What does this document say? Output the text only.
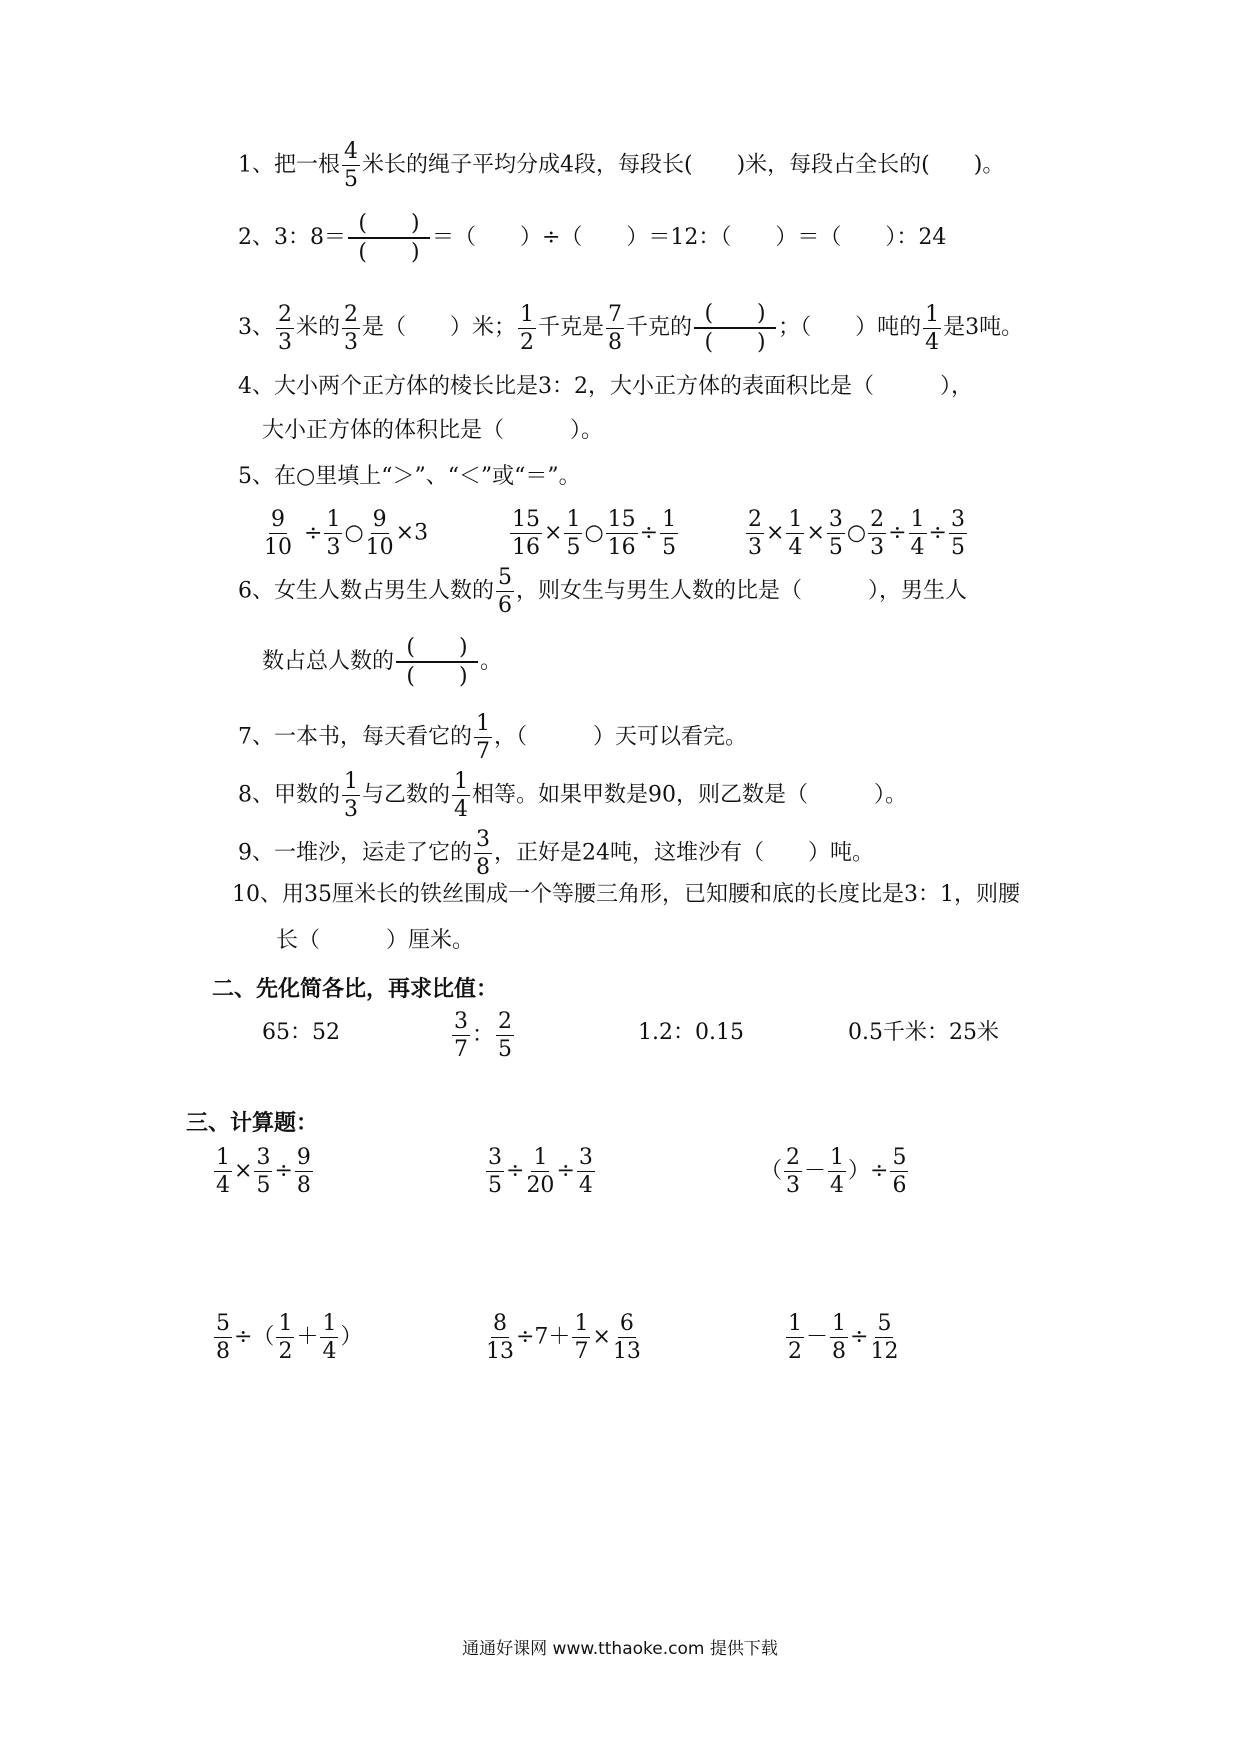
1、把一根 $\frac{4}{5}$ 米长的绳子平均分成4段，每段长(　　)米，每段占全长的(　　)。
2、3：$8= \frac{( )}{( )}$ ＝（　　）÷（　　）＝12：（　　）＝（　　）：24
3、 $\frac{2}{3}$ 米的 $\frac{2}{3}$ 是（　　）米； $\frac{1}{2}$ 千克是 $\frac{7}{8}$ 千克的 $\frac{( )}{( )}$ ；（　　）吨的 $\frac{1}{4}$ 是3吨。
4、大小两个正方体的棱长比是3：2，大小正方体的表面积比是（　　　），
大小正方体的体积比是（　　　）。
5、在○里填上“＞”、“＜”或“＝”。
$\frac{9}{10} \div \frac{1}{3}$ ○ $\frac{9}{10} \times 3$	$\frac{15}{16} \times \frac{1}{5}$ ○ $\frac{15}{16} \div \frac{1}{5}$	$\frac{2}{3} \times \frac{1}{4} \times \frac{3}{5}$ ○ $\frac{2}{3} \div \frac{1}{4} \div \frac{3}{5}$
6、女生人数占男生人数的 $\frac{5}{6}$ ，则女生与男生人数的比是（　　　），男生人
数占总人数的 $\frac{( )}{( )}$ 。
7、一本书，每天看它的 $\frac{1}{7}$ ，（　　　）天可以看完。
8、甲数的 $\frac{1}{3}$ 与乙数的 $\frac{1}{4}$ 相等。如果甲数是90，则乙数是（　　　）。
9、一堆沙，运走了它的 $\frac{3}{8}$ ，正好是24吨，这堆沙有（　　）吨。
10、用35厘米长的铁丝围成一个等腰三角形，已知腰和底的长度比是3：1，则腰
长（　　　）厘米。
二、先化简各比，再求比值：
65：52	$\frac{3}{7}$ ： $\frac{2}{5}$	1.2：0.15	0.5千米：25米
三、计算题：
$\frac{1}{4} \times \frac{3}{5} \div \frac{9}{8}$	$\frac{3}{5} \div \frac{1}{20} \div \frac{3}{4}$	（ $\frac{2}{3} - \frac{1}{4}$ ）÷ $\frac{5}{6}$
$\frac{5}{8}$ ÷（ $\frac{1}{2} + \frac{1}{4}$ ）	$\frac{8}{13} \div 7+ \frac{1}{7} \times \frac{6}{13}$	$\frac{1}{2} - \frac{1}{8} \div \frac{5}{12}$
通通好课网 www.tthaoke.com 提供下载
